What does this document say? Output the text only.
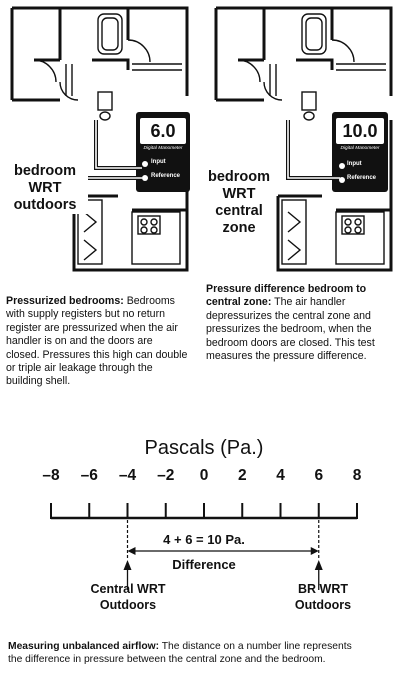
6.0
Digital Manometer
Input
Reference
bedroom
WRT
outdoors
10.0
Digital Manometer
Input
Reference
bedroom
WRT
central
zone
Pressurized bedrooms: Bedrooms
with supply registers but no return
register are pressurized when the air
handler is on and the doors are
closed. Pressures this high can double
or triple air leakage through the
building shell.
Pressure difference bedroom to
central zone: The air handler
depressurizes the central zone and
pressurizes the bedroom, when the
bedroom doors are closed. This test
measures the pressure difference.
Pascals (Pa.)
–8	–6	–4	–2	0	2	4	6	8
4 + 6 = 10 Pa.
Difference
Central WRT
Outdoors
BR WRT
Outdoors
Measuring unbalanced airflow: The distance on a number line represents
the difference in pressure between the central zone and the bedroom.
